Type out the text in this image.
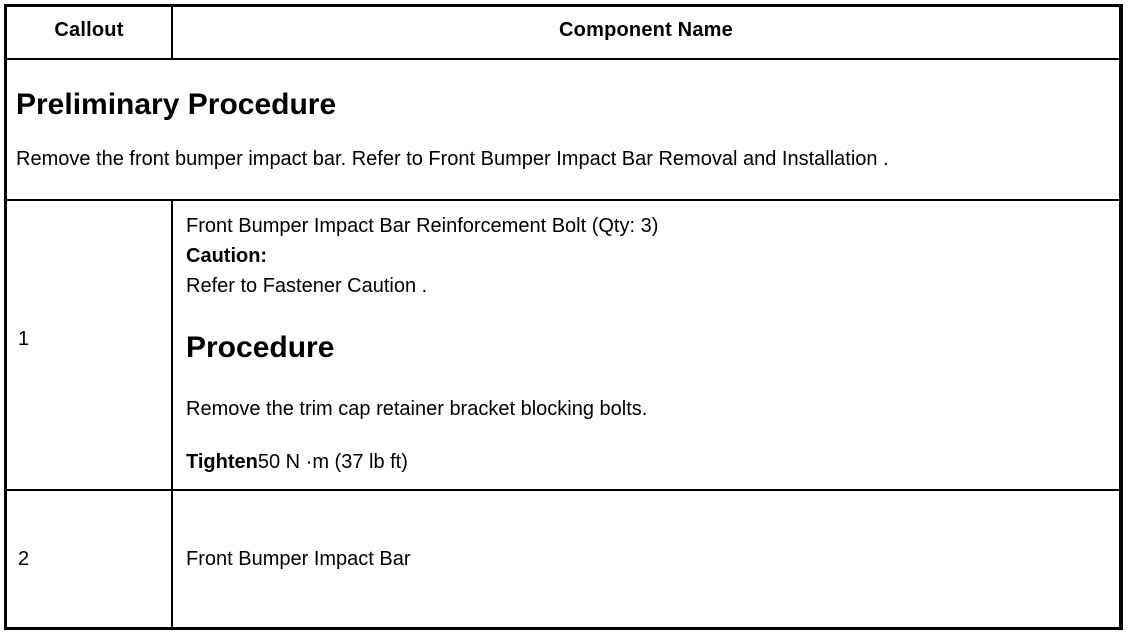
Callout	Component Name
Preliminary Procedure

Remove the front bumper impact bar. Refer to Front Bumper Impact Bar Removal and Installation .

1
Front Bumper Impact Bar Reinforcement Bolt (Qty: 3)
Caution:
Refer to Fastener Caution .
Procedure
Remove the trim cap retainer bracket blocking bolts.
Tighten50 N ·m (37 lb ft)
2	Front Bumper Impact Bar
